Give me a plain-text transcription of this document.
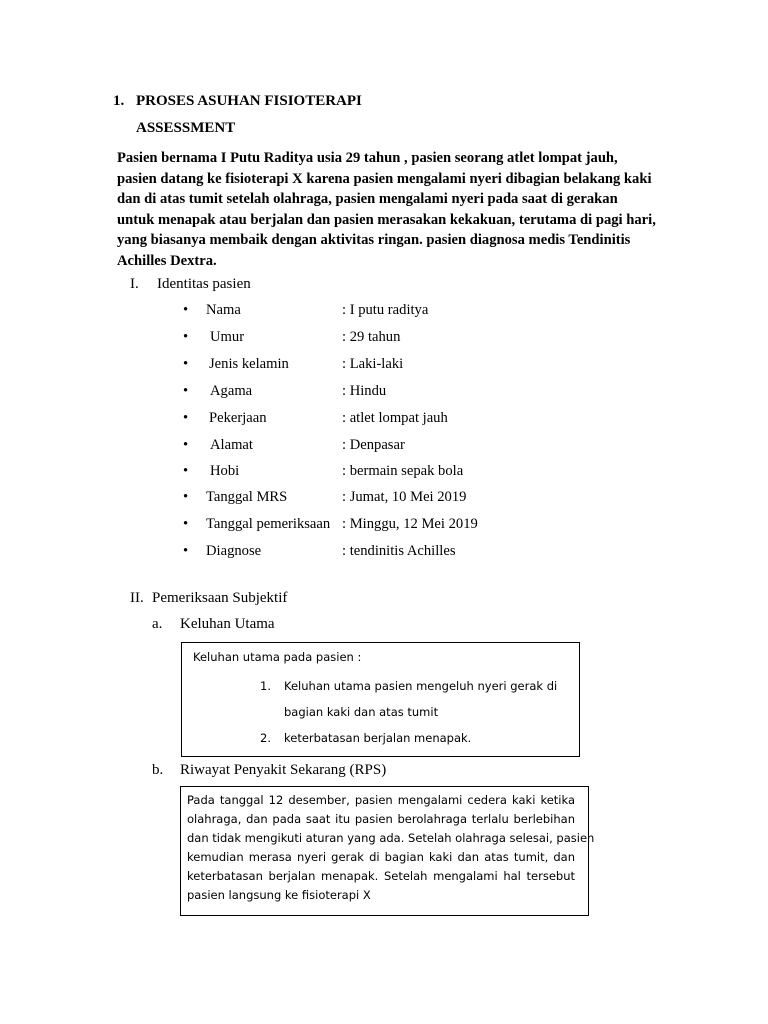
1. PROSES ASUHAN FISIOTERAPI
ASSESSMENT
Pasien bernama I Putu Raditya usia 29 tahun , pasien seorang atlet lompat jauh,
pasien datang ke fisioterapi X karena pasien mengalami nyeri dibagian belakang kaki
dan di atas tumit setelah olahraga, pasien mengalami nyeri pada saat di gerakan
untuk menapak atau berjalan dan pasien merasakan kekakuan, terutama di pagi hari,
yang biasanya membaik dengan aktivitas ringan. pasien diagnosa medis Tendinitis
Achilles Dextra.
I. Identitas pasien
• Nama	: I putu raditya
• Umur	: 29 tahun
• Jenis kelamin	: Laki-laki
• Agama	: Hindu
• Pekerjaan	: atlet lompat jauh
• Alamat	: Denpasar
• Hobi	: bermain sepak bola
• Tanggal MRS	: Jumat, 10 Mei 2019
• Tanggal pemeriksaan : Minggu, 12 Mei 2019
• Diagnose	: tendinitis Achilles
II. Pemeriksaan Subjektif
a. Keluhan Utama
Keluhan utama pada pasien :
1. Keluhan utama pasien mengeluh nyeri gerak di
bagian kaki dan atas tumit
2. keterbatasan berjalan menapak.
b. Riwayat Penyakit Sekarang (RPS)
Pada tanggal 12 desember, pasien mengalami cedera kaki ketika
olahraga, dan pada saat itu pasien berolahraga terlalu berlebihan
dan tidak mengikuti aturan yang ada. Setelah olahraga selesai, pasien
kemudian merasa nyeri gerak di bagian kaki dan atas tumit, dan
keterbatasan berjalan menapak. Setelah mengalami hal tersebut
pasien langsung ke fisioterapi X
